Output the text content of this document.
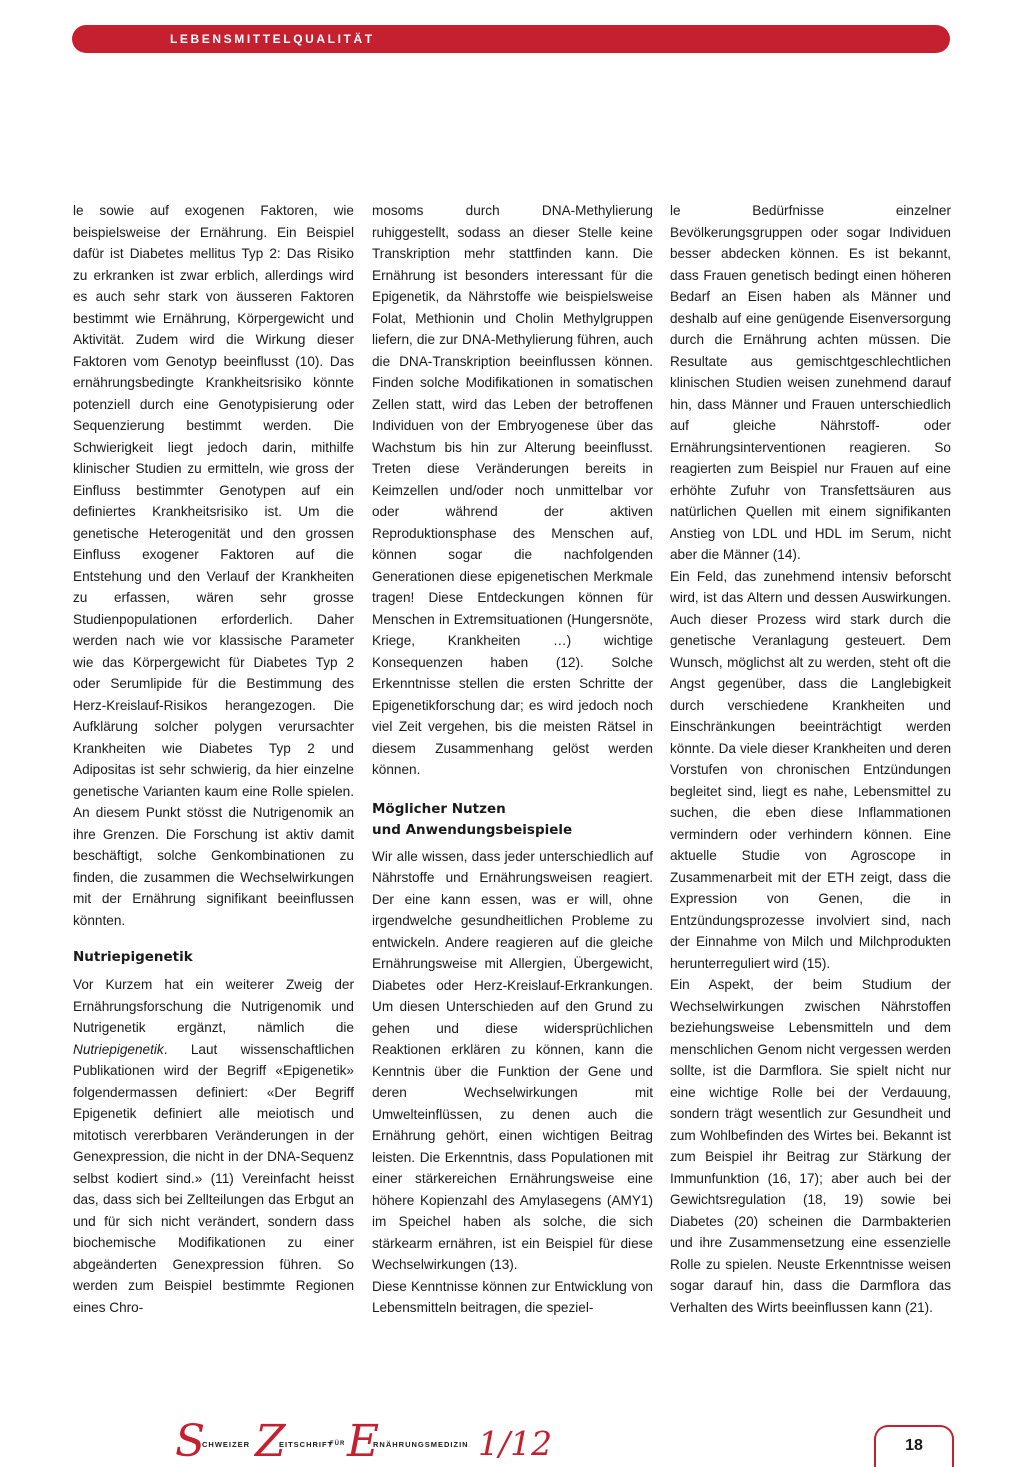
LEBENSMITTELQUALITÄT

le sowie auf exogenen Faktoren, wie beispielsweise der Ernährung. Ein Beispiel dafür ist Diabetes mellitus Typ 2: Das Risiko zu erkranken ist zwar erblich, allerdings wird es auch sehr stark von äusseren Faktoren bestimmt wie Ernährung, Körpergewicht und Aktivität. Zudem wird die Wirkung dieser Faktoren vom Genotyp beeinflusst (10). Das ernährungsbedingte Krankheitsrisiko könnte potenziell durch eine Genotypisierung oder Sequenzierung bestimmt werden. Die Schwierigkeit liegt jedoch darin, mithilfe klinischer Studien zu ermitteln, wie gross der Einfluss bestimmter Genotypen auf ein definiertes Krankheitsrisiko ist. Um die genetische Heterogenität und den grossen Einfluss exogener Faktoren auf die Entstehung und den Verlauf der Krankheiten zu erfassen, wären sehr grosse Studienpopulationen erforderlich. Daher werden nach wie vor klassische Parameter wie das Körpergewicht für Diabetes Typ 2 oder Serumlipide für die Bestimmung des Herz-Kreislauf-Risikos herangezogen. Die Aufklärung solcher polygen verursachter Krankheiten wie Diabetes Typ 2 und Adipositas ist sehr schwierig, da hier einzelne genetische Varianten kaum eine Rolle spielen. An diesem Punkt stösst die Nutrigenomik an ihre Grenzen. Die Forschung ist aktiv damit beschäftigt, solche Genkombinationen zu finden, die zusammen die Wechselwirkungen mit der Ernährung signifikant beeinflussen könnten.

Nutriepigenetik

Vor Kurzem hat ein weiterer Zweig der Ernährungsforschung die Nutrigenomik und Nutrigenetik ergänzt, nämlich die Nutriepigenetik. Laut wissenschaftlichen Publikationen wird der Begriff «Epigenetik» folgendermassen definiert: «Der Begriff Epigenetik definiert alle meiotisch und mitotisch vererbbaren Veränderungen in der Genexpression, die nicht in der DNA-Sequenz selbst kodiert sind.» (11) Vereinfacht heisst das, dass sich bei Zellteilungen das Erbgut an und für sich nicht verändert, sondern dass biochemische Modifikationen zu einer abgeänderten Genexpression führen. So werden zum Beispiel bestimmte Regionen eines Chro-

mosoms durch DNA-Methylierung ruhiggestellt, sodass an dieser Stelle keine Transkription mehr stattfinden kann. Die Ernährung ist besonders interessant für die Epigenetik, da Nährstoffe wie beispielsweise Folat, Methionin und Cholin Methylgruppen liefern, die zur DNA-Methylierung führen, auch die DNA-Transkription beeinflussen können. Finden solche Modifikationen in somatischen Zellen statt, wird das Leben der betroffenen Individuen von der Embryogenese über das Wachstum bis hin zur Alterung beeinflusst. Treten diese Veränderungen bereits in Keimzellen und/oder noch unmittelbar vor oder während der aktiven Reproduktionsphase des Menschen auf, können sogar die nachfolgenden Generationen diese epigenetischen Merkmale tragen! Diese Entdeckungen können für Menschen in Extremsituationen (Hungersnöte, Kriege, Krankheiten …) wichtige Konsequenzen haben (12). Solche Erkenntnisse stellen die ersten Schritte der Epigenetikforschung dar; es wird jedoch noch viel Zeit vergehen, bis die meisten Rätsel in diesem Zusammenhang gelöst werden können.

Möglicher Nutzen
und Anwendungsbeispiele

Wir alle wissen, dass jeder unterschiedlich auf Nährstoffe und Ernährungsweisen reagiert. Der eine kann essen, was er will, ohne irgendwelche gesundheitlichen Probleme zu entwickeln. Andere reagieren auf die gleiche Ernährungsweise mit Allergien, Übergewicht, Diabetes oder Herz-Kreislauf-Erkrankungen. Um diesen Unterschieden auf den Grund zu gehen und diese widersprüchlichen Reaktionen erklären zu können, kann die Kenntnis über die Funktion der Gene und deren Wechselwirkungen mit Umwelteinflüssen, zu denen auch die Ernährung gehört, einen wichtigen Beitrag leisten. Die Erkenntnis, dass Populationen mit einer stärkereichen Ernährungsweise eine höhere Kopienzahl des Amylasegens (AMY1) im Speichel haben als solche, die sich stärkearm ernähren, ist ein Beispiel für diese Wechselwirkungen (13).

Diese Kenntnisse können zur Entwicklung von Lebensmitteln beitragen, die speziel-

le Bedürfnisse einzelner Bevölkerungsgruppen oder sogar Individuen besser abdecken können. Es ist bekannt, dass Frauen genetisch bedingt einen höheren Bedarf an Eisen haben als Männer und deshalb auf eine genügende Eisenversorgung durch die Ernährung achten müssen. Die Resultate aus gemischtgeschlechtlichen klinischen Studien weisen zunehmend darauf hin, dass Männer und Frauen unterschiedlich auf gleiche Nährstoff- oder Ernährungsinterventionen reagieren. So reagierten zum Beispiel nur Frauen auf eine erhöhte Zufuhr von Transfettsäuren aus natürlichen Quellen mit einem signifikanten Anstieg von LDL und HDL im Serum, nicht aber die Männer (14).

Ein Feld, das zunehmend intensiv beforscht wird, ist das Altern und dessen Auswirkungen. Auch dieser Prozess wird stark durch die genetische Veranlagung gesteuert. Dem Wunsch, möglichst alt zu werden, steht oft die Angst gegenüber, dass die Langlebigkeit durch verschiedene Krankheiten und Einschränkungen beeinträchtigt werden könnte. Da viele dieser Krankheiten und deren Vorstufen von chronischen Entzündungen begleitet sind, liegt es nahe, Lebensmittel zu suchen, die eben diese Inflammationen vermindern oder verhindern können. Eine aktuelle Studie von Agroscope in Zusammenarbeit mit der ETH zeigt, dass die Expression von Genen, die in Entzündungsprozesse involviert sind, nach der Einnahme von Milch und Milchprodukten herunterreguliert wird (15).

Ein Aspekt, der beim Studium der Wechselwirkungen zwischen Nährstoffen beziehungsweise Lebensmitteln und dem menschlichen Genom nicht vergessen werden sollte, ist die Darmflora. Sie spielt nicht nur eine wichtige Rolle bei der Verdauung, sondern trägt wesentlich zur Gesundheit und zum Wohlbefinden des Wirtes bei. Bekannt ist zum Beispiel ihr Beitrag zur Stärkung der Immunfunktion (16, 17); aber auch bei der Gewichtsregulation (18, 19) sowie bei Diabetes (20) scheinen die Darmbakterien und ihre Zusammensetzung eine essenzielle Rolle zu spielen. Neuste Erkenntnisse weisen sogar darauf hin, dass die Darmflora das Verhalten des Wirts beeinflussen kann (21).

S
CHWEIZER Z
EITSCHRIFT
FÜR E
RNÄHRUNGSMEDIZIN 1/12	18
